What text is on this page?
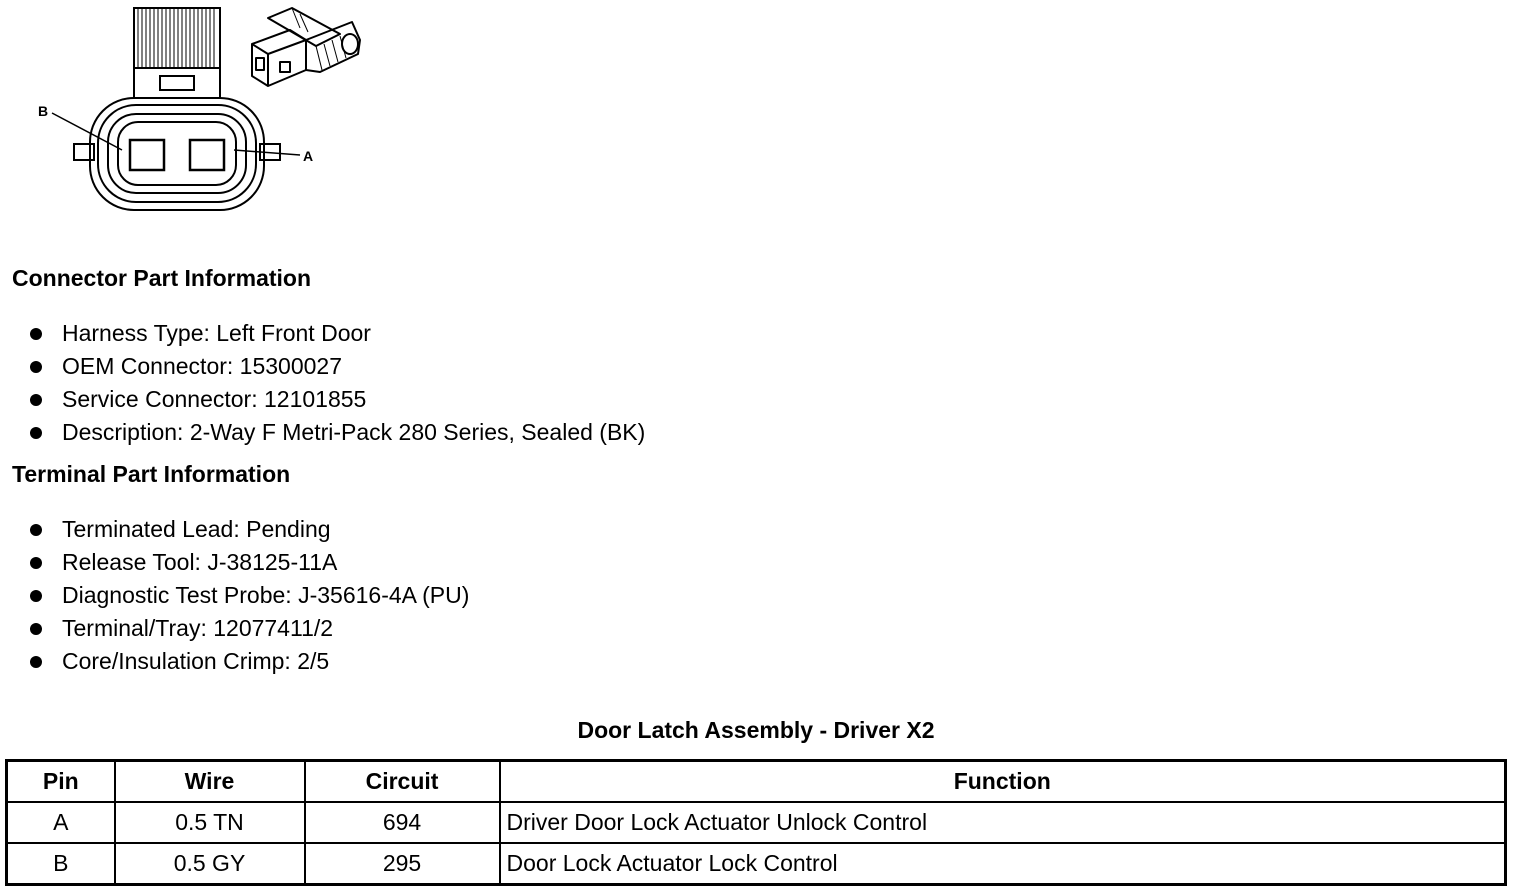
B
A
Connector Part Information
Harness Type: Left Front Door
OEM Connector: 15300027
Service Connector: 12101855
Description: 2-Way F Metri-Pack 280 Series, Sealed (BK)
Terminal Part Information
Terminated Lead: Pending
Release Tool: J-38125-11A
Diagnostic Test Probe: J-35616-4A (PU)
Terminal/Tray: 12077411/2
Core/Insulation Crimp: 2/5
Door Latch Assembly - Driver X2
Pin	Wire	Circuit	Function
A	0.5 TN	694	Driver Door Lock Actuator Unlock Control
B	0.5 GY	295	Door Lock Actuator Lock Control
